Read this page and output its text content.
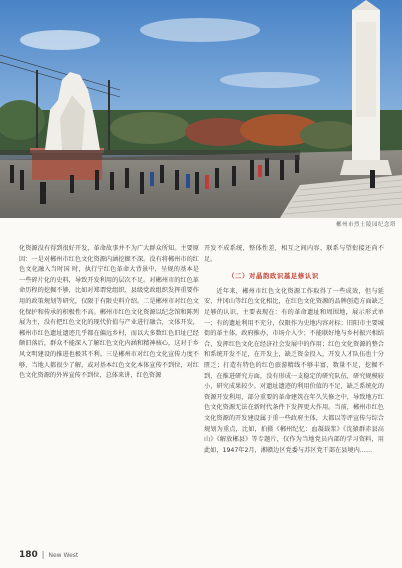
郴州市烈士陵园纪念塔

化资源没有得到很好开发，革命故事并不为广大群众所知。主要原因：一是对郴州市红色文化资源内涵挖掘不深。没有将郴州市的红色文化融入当时国 时，执行宁红色革命大背景中，呈规的基本是一些碎片化的史料，导致开发利用的层次不足。对郴州市的红色革命历程的挖掘不够，比如对郑谓党组织、县级党政组织发挥重要作用的政策规划等研究，仅限于有限史料介绍。二是郴州市对红色文化保护和传承的积极性不高。郴州市红色文化资源以纪念馆和陈列展为主，没有把红色文化的现代价值与产业进行融合，文体开发，郴州市红色遗址遗迹几乎都在偏远乡村，而以大多数红色旧址已经颇旧落后，群众不能深入了解红色文化内涵和精神核心，这对于乡风文明建设的推进也极其不利。三是郴州市对红色文化宣传力度不够，当地人都很少了解，或对基本红色文化本体宣传不到位，对红色文化资源的外界宣传不到位，总体来讲，红色资源

开发不成系统，整体性差，相互之间内容、联系与望衔接还尚不足。

（二）对晶韵政识基足修认识

近年来，郴州市红色文化资源工作取得了一些成效，但与延安、井冈山等红色文化相比，在红色文化资源的品牌创造方面缺乏足够的认识，主要表现在：有的革命遗址和周围地，展示形式单一；有的遗址利用不充分，仅限作为史地内容对标；旧阳市主要城街的革主体，政府推办，市场介入少；不能联好地与乡村振兴相结合，发挥红色文化在经济社会发展中的作用；红色文化资源的整合和系统开发不足，在开发上，缺乏资金投入，开发人才队伍也十分匮乏；打造有特色的红色旅游精线不够丰富，数量不足，挖掘不到，在推进研究方面，没有形成一支稳定的研究队伍，研究规模较小，研究成果较少。对遗址遗迹的利用价值的不足，缺乏系统化的资源开发利用，部分重要的革命建筑在年久失修之中，导致地方红色文化资源无法在新时代条件下发挥更大作用。当前，郴州市红色文化资源的开发建设属于重一些政府主体，大都以等评宣传与综合规划为重点，比如，拍摄《郴州纪忆：血凝载浆》《沈猿群赤县高山》《解放郴县》等专题片，仅作为当地党员内部的学习资料，用此如，1947年2月，湘赣边区党委与苏区党干部在县境内……

180 | New West
